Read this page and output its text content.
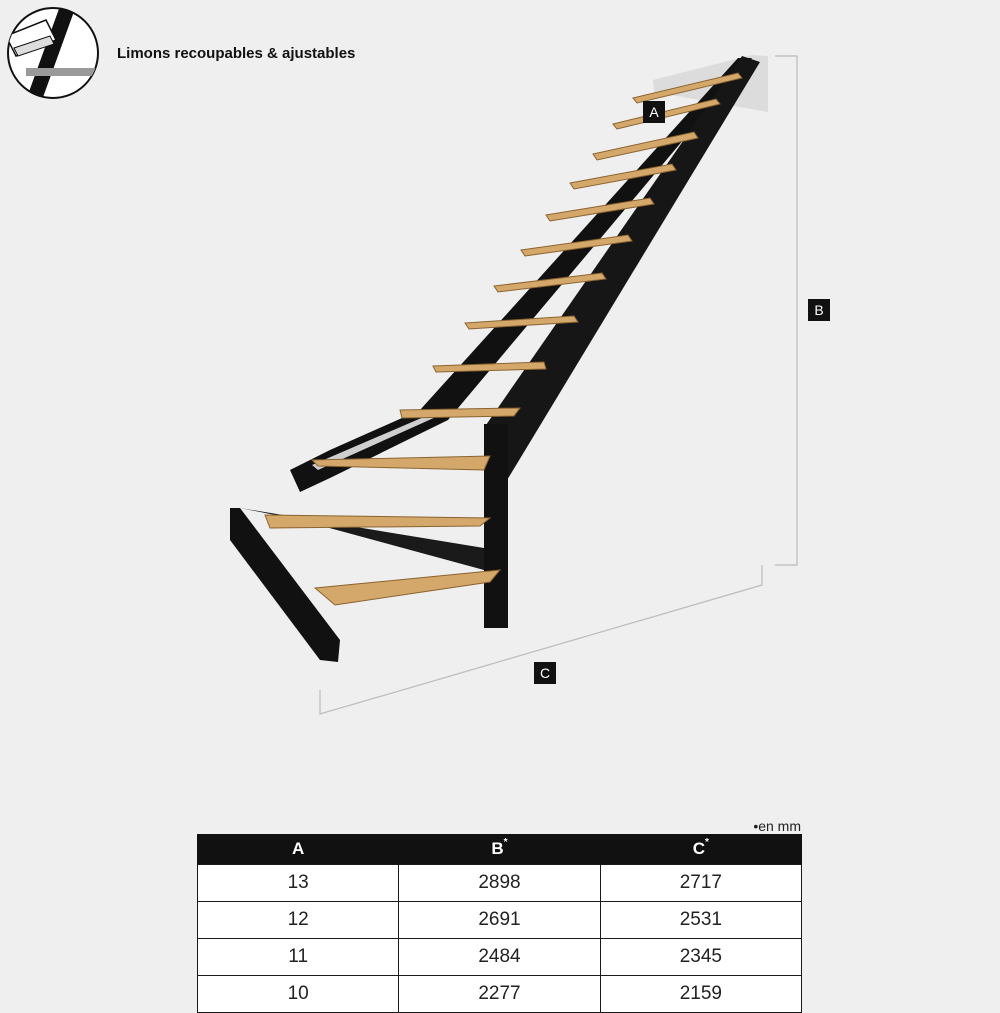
Limons recoupables & ajustables
A
B
C
•en mm
A	B*	C*
13	2898	2717
12	2691	2531
11	2484	2345
10	2277	2159
